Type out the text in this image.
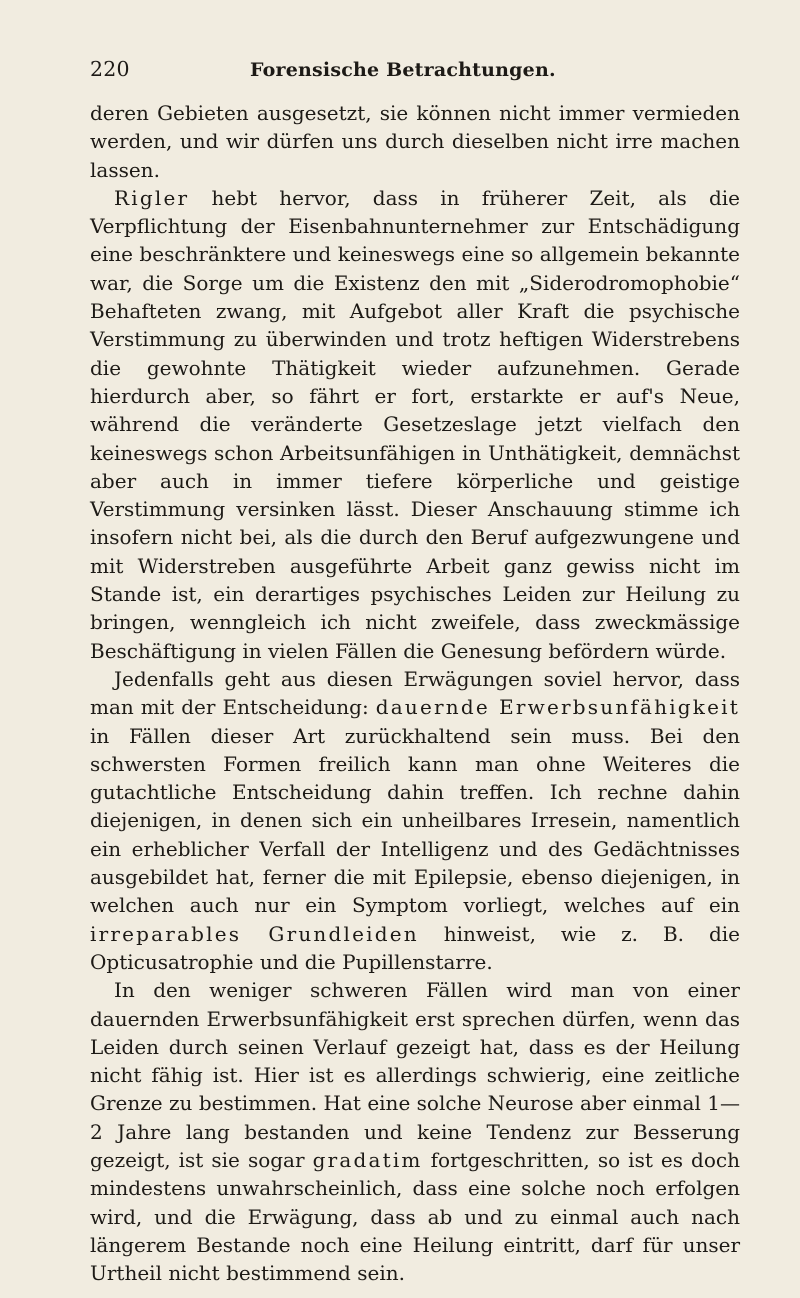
220	Forensische Betrachtungen.

deren Gebieten ausgesetzt, sie können nicht immer vermieden werden, und wir dürfen uns durch dieselben nicht irre machen lassen.

Rigler hebt hervor, dass in früherer Zeit, als die Verpflichtung der Eisenbahnunternehmer zur Entschädigung eine beschränktere und keineswegs eine so allgemein bekannte war, die Sorge um die Existenz den mit „Siderodromophobie“ Behafteten zwang, mit Aufgebot aller Kraft die psychische Verstimmung zu überwinden und trotz heftigen Widerstrebens die gewohnte Thätigkeit wieder aufzunehmen. Gerade hierdurch aber, so fährt er fort, erstarkte er auf's Neue, während die veränderte Gesetzeslage jetzt vielfach den keineswegs schon Arbeitsunfähigen in Unthätigkeit, demnächst aber auch in immer tiefere körperliche und geistige Verstimmung versinken lässt. Dieser Anschauung stimme ich insofern nicht bei, als die durch den Beruf aufgezwungene und mit Widerstreben ausgeführte Arbeit ganz gewiss nicht im Stande ist, ein derartiges psychisches Leiden zur Heilung zu bringen, wenngleich ich nicht zweifele, dass zweckmässige Beschäftigung in vielen Fällen die Genesung befördern würde.

Jedenfalls geht aus diesen Erwägungen soviel hervor, dass man mit der Entscheidung: dauernde Erwerbsunfähigkeit in Fällen dieser Art zurückhaltend sein muss. Bei den schwersten Formen freilich kann man ohne Weiteres die gutachtliche Entscheidung dahin treffen. Ich rechne dahin diejenigen, in denen sich ein unheilbares Irresein, namentlich ein erheblicher Verfall der Intelligenz und des Gedächtnisses ausgebildet hat, ferner die mit Epilepsie, ebenso diejenigen, in welchen auch nur ein Symptom vorliegt, welches auf ein irreparables Grundleiden hinweist, wie z. B. die Opticusatrophie und die Pupillenstarre.

In den weniger schweren Fällen wird man von einer dauernden Erwerbsunfähigkeit erst sprechen dürfen, wenn das Leiden durch seinen Verlauf gezeigt hat, dass es der Heilung nicht fähig ist. Hier ist es allerdings schwierig, eine zeitliche Grenze zu bestimmen. Hat eine solche Neurose aber einmal 1—2 Jahre lang bestanden und keine Tendenz zur Besserung gezeigt, ist sie sogar gradatim fortgeschritten, so ist es doch mindestens unwahrscheinlich, dass eine solche noch erfolgen wird, und die Erwägung, dass ab und zu einmal auch nach längerem Bestande noch eine Heilung eintritt, darf für unser Urtheil nicht bestimmend sein.
